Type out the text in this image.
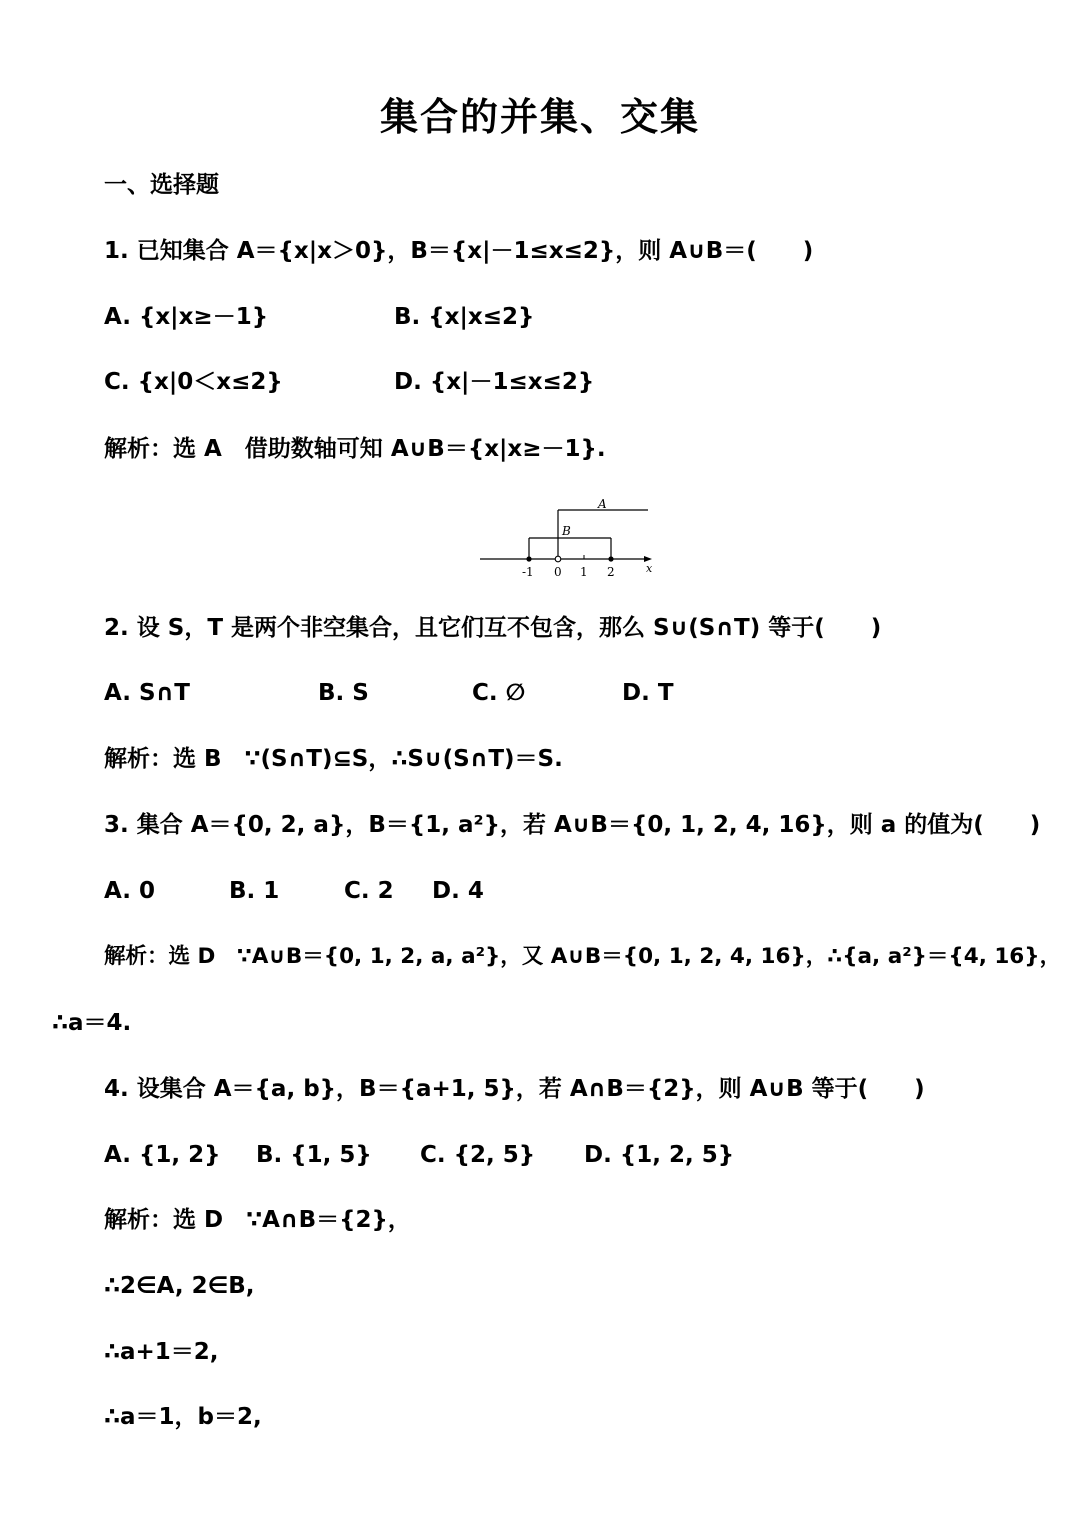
集合的并集、交集
一、选择题
1. 已知集合 A＝{x|x＞0}，B＝{x|－1≤x≤2}，则 A∪B＝(　　)
A. {x|x≥－1}	B. {x|x≤2}
C. {x|0＜x≤2}	D. {x|－1≤x≤2}
解析：选 A　借助数轴可知 A∪B＝{x|x≥－1}.
A
B
x
-1 0 1 2
2. 设 S，T 是两个非空集合，且它们互不包含，那么 S∪(S∩T) 等于(　　)
A. S∩T	B. S	C. ∅	D. T
解析：选 B　∵(S∩T)⊆S，∴S∪(S∩T)＝S.
3. 集合 A＝{0, 2, a}，B＝{1, a²}，若 A∪B＝{0, 1, 2, 4, 16}，则 a 的值为(　　)
A. 0	B. 1	C. 2 D. 4
解析：选 D　∵A∪B＝{0, 1, 2, a, a²}，又 A∪B＝{0, 1, 2, 4, 16}，∴{a, a²}＝{4, 16}，
∴a＝4.
4. 设集合 A＝{a, b}，B＝{a+1, 5}，若 A∩B＝{2}，则 A∪B 等于(　　)
A. {1, 2} B. {1, 5} C. {2, 5} D. {1, 2, 5}
解析：选 D　∵A∩B＝{2}，
∴2∈A, 2∈B,
∴a+1＝2,
∴a＝1，b＝2,
